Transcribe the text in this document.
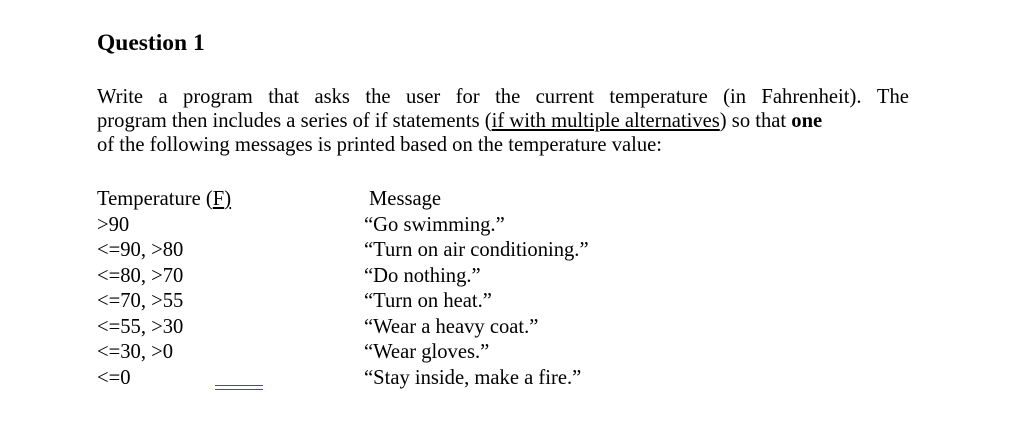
Question 1
Write a program that asks the user for the current temperature (in Fahrenheit). The
program then includes a series of if statements (if with multiple alternatives) so that one
of the following messages is printed based on the temperature value:
Temperature (F)
>90
<=90, >80
<=80, >70
<=70, >55
<=55, >30
<=30, >0
<=0
Message
“Go swimming.”
“Turn on air conditioning.”
“Do nothing.”
“Turn on heat.”
“Wear a heavy coat.”
“Wear gloves.”
“Stay inside, make a fire.”
